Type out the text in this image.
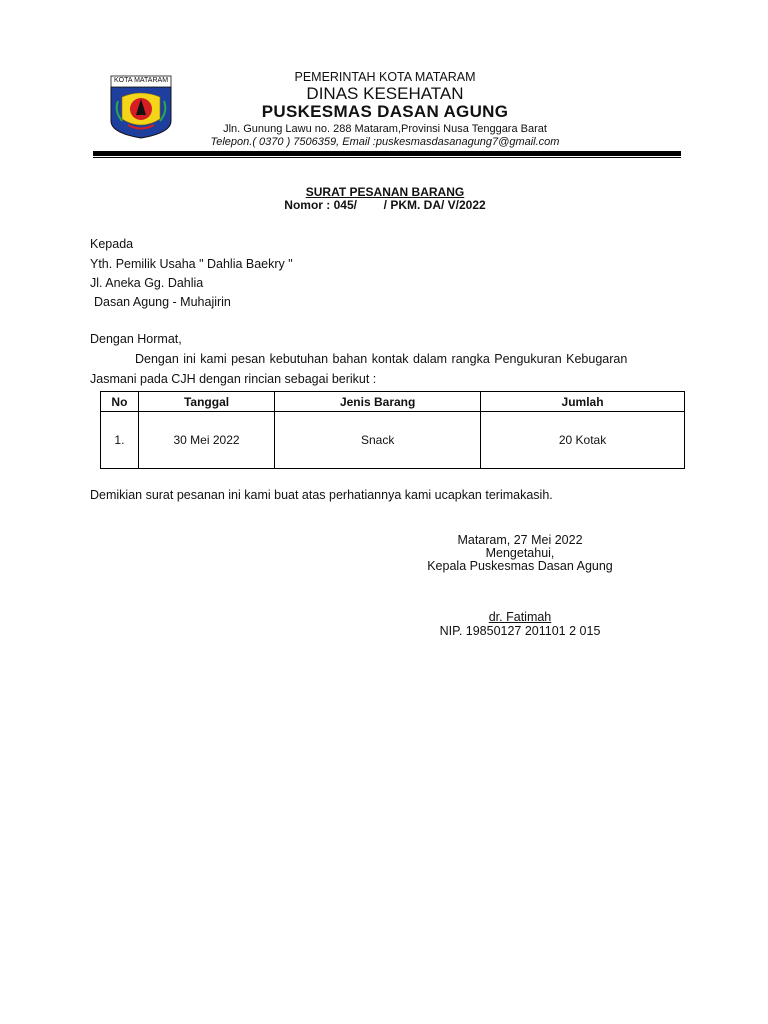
KOTA MATARAM	PEMERINTAH KOTA MATARAM
DINAS KESEHATAN
PUSKESMAS DASAN AGUNG
Jln. Gunung Lawu no. 288 Mataram,Provinsi Nusa Tenggara Barat
Telepon.( 0370 ) 7506359, Email :puskesmasdasanagung7@gmail.com
SURAT PESANAN BARANG
Nomor : 045/        / PKM. DA/ V/2022
Kepada
Yth. Pemilik Usaha " Dahlia Baekry "
Jl. Aneka Gg. Dahlia
Dasan Agung - Muhajirin
Dengan Hormat,
Dengan ini kami pesan kebutuhan bahan kontak dalam rangka Pengukuran Kebugaran
Jasmani pada CJH dengan rincian sebagai berikut :
No	Tanggal	Jenis Barang	Jumlah
1.	30 Mei 2022	Snack	20 Kotak
Demikian surat pesanan ini kami buat atas perhatiannya kami ucapkan terimakasih.
Mataram, 27 Mei 2022
Mengetahui,
Kepala Puskesmas Dasan Agung
dr. Fatimah
NIP. 19850127 201101 2 015
